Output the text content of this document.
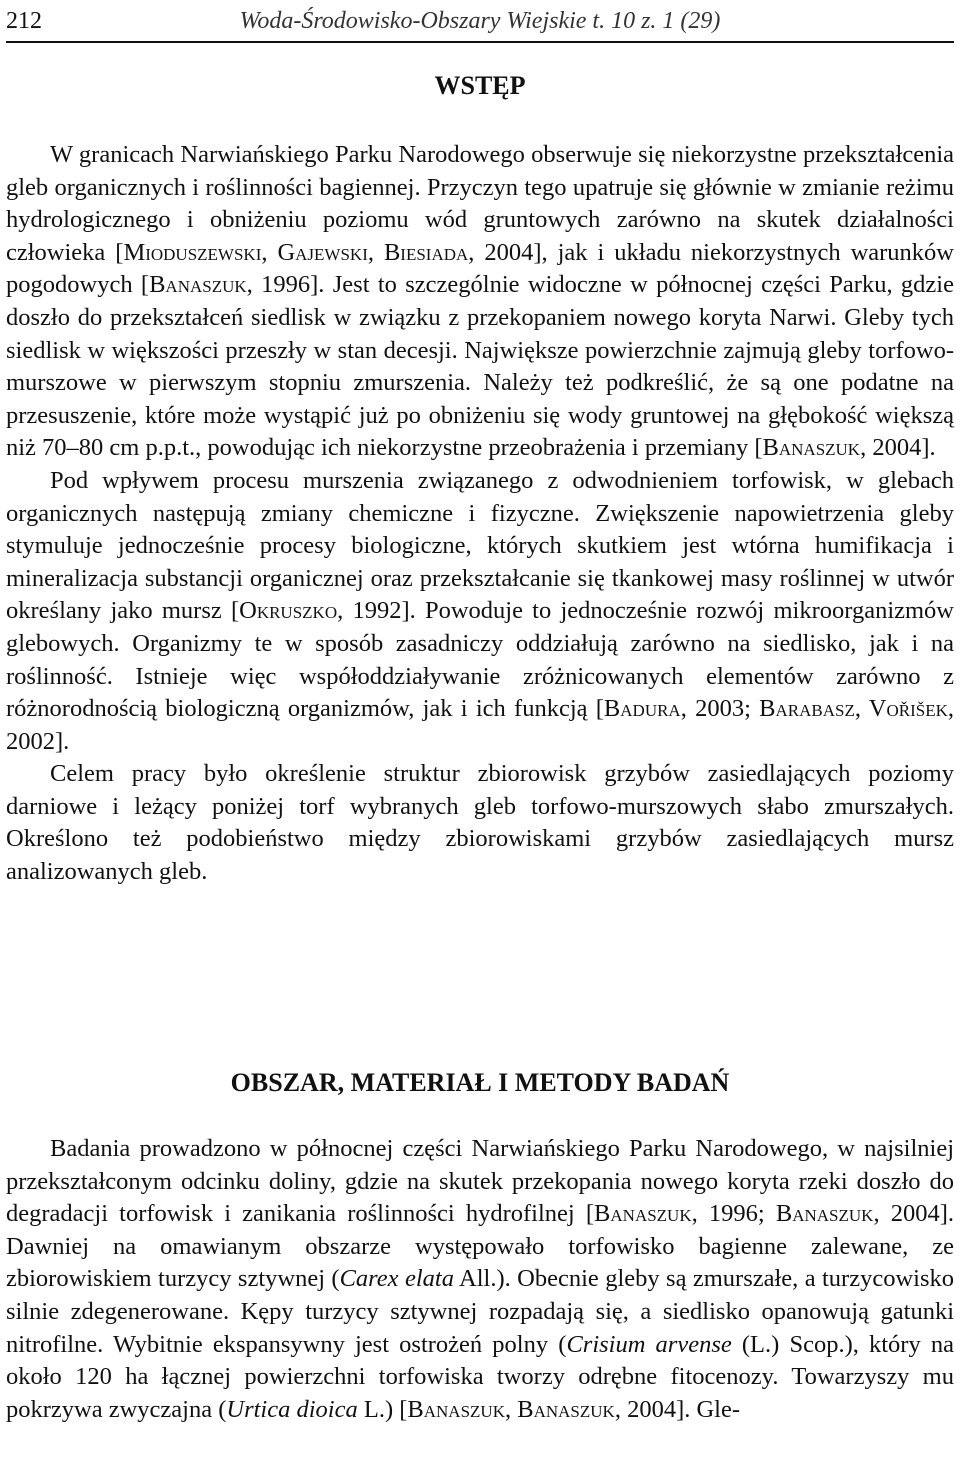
212	Woda-Środowisko-Obszary Wiejskie t. 10 z. 1 (29)
WSTĘP

W granicach Narwiańskiego Parku Narodowego obserwuje się niekorzystne przekształcenia gleb organicznych i roślinności bagiennej. Przyczyn tego upatruje się głównie w zmianie reżimu hydrologicznego i obniżeniu poziomu wód gruntowych zarówno na skutek działalności człowieka [Mioduszewski, Gajewski, Biesiada, 2004], jak i układu niekorzystnych warunków pogodowych [Banaszuk, 1996]. Jest to szczególnie widoczne w północnej części Parku, gdzie doszło do przekształceń siedlisk w związku z przekopaniem nowego koryta Narwi. Gleby tych siedlisk w większości przeszły w stan decesji. Największe powierzchnie zajmują gleby torfowo-murszowe w pierwszym stopniu zmurszenia. Należy też podkreślić, że są one podatne na przesuszenie, które może wystąpić już po obniżeniu się wody gruntowej na głębokość większą niż 70–80 cm p.p.t., powodując ich niekorzystne przeobrażenia i przemiany [Banaszuk, 2004].

Pod wpływem procesu murszenia związanego z odwodnieniem torfowisk, w glebach organicznych następują zmiany chemiczne i fizyczne. Zwiększenie napowietrzenia gleby stymuluje jednocześnie procesy biologiczne, których skutkiem jest wtórna humifikacja i mineralizacja substancji organicznej oraz przekształcanie się tkankowej masy roślinnej w utwór określany jako mursz [Okruszko, 1992]. Powoduje to jednocześnie rozwój mikroorganizmów glebowych. Organizmy te w sposób zasadniczy oddziałują zarówno na siedlisko, jak i na roślinność. Istnieje więc współoddziaływanie zróżnicowanych elementów zarówno z różnorodnością biologiczną organizmów, jak i ich funkcją [Badura, 2003; Barabasz, Vořišek, 2002].

Celem pracy było określenie struktur zbiorowisk grzybów zasiedlających poziomy darniowe i leżący poniżej torf wybranych gleb torfowo-murszowych słabo zmurszałych. Określono też podobieństwo między zbiorowiskami grzybów zasiedlających mursz analizowanych gleb.

OBSZAR, MATERIAŁ I METODY BADAŃ

Badania prowadzono w północnej części Narwiańskiego Parku Narodowego, w najsilniej przekształconym odcinku doliny, gdzie na skutek przekopania nowego koryta rzeki doszło do degradacji torfowisk i zanikania roślinności hydrofilnej [Banaszuk, 1996; Banaszuk, 2004]. Dawniej na omawianym obszarze występowało torfowisko bagienne zalewane, ze zbiorowiskiem turzycy sztywnej (Carex elata All.). Obecnie gleby są zmurszałe, a turzycowisko silnie zdegenerowane. Kępy turzycy sztywnej rozpadają się, a siedlisko opanowują gatunki nitrofilne. Wybitnie ekspansywny jest ostrożeń polny (Crisium arvense (L.) Scop.), który na około 120 ha łącznej powierzchni torfowiska tworzy odrębne fitocenozy. Towarzyszy mu pokrzywa zwyczajna (Urtica dioica L.) [Banaszuk, Banaszuk, 2004]. Gle-
